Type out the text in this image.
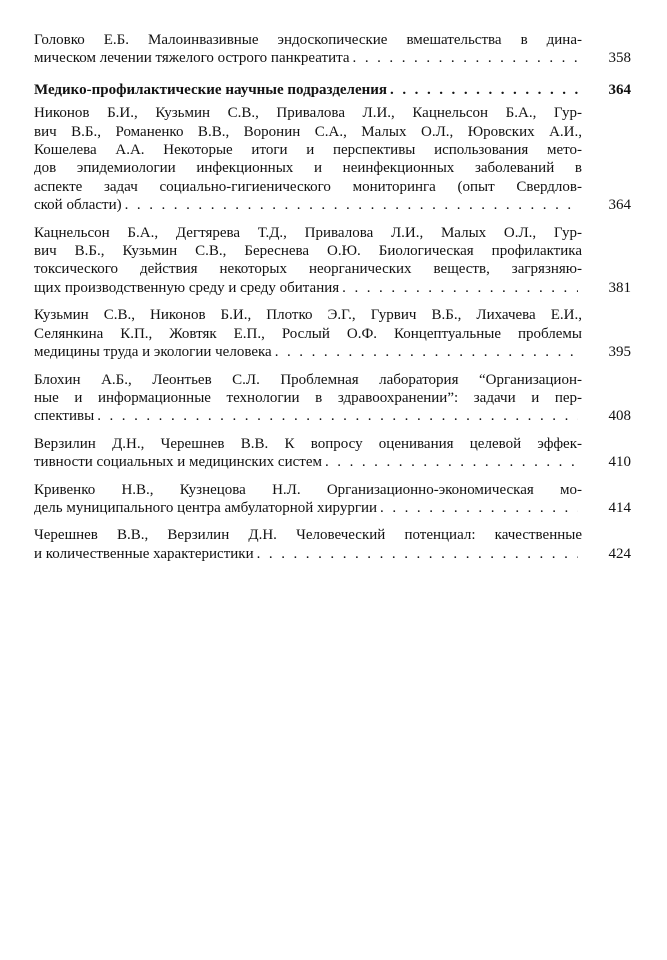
Головко Е.Б. Малоинвазивные эндоскопические вмешательства в дина-
мическом лечении тяжелого острого панкреатита . . .	358
Медико-профилактические научные подразделения . . .	364
Никонов Б.И., Кузьмин С.В., Привалова Л.И., Кацнельсон Б.А., Гур-
вич В.Б., Романенко В.В., Воронин С.А., Малых О.Л., Юровских А.И.,
Кошелева А.А. Некоторые итоги и перспективы использования мето-
дов эпидемиологии инфекционных и неинфекционных заболеваний в
аспекте задач социально-гигиенического мониторинга (опыт Свердлов-
ской области) . . .	364
Кацнельсон Б.А., Дегтярева Т.Д., Привалова Л.И., Малых О.Л., Гур-
вич В.Б., Кузьмин С.В., Береснева О.Ю. Биологическая профилактика
токсического действия некоторых неорганических веществ, загрязняю-
щих производственную среду и среду обитания . . .	381
Кузьмин С.В., Никонов Б.И., Плотко Э.Г., Гурвич В.Б., Лихачева Е.И.,
Селянкина К.П., Жовтяк Е.П., Рослый О.Ф. Концептуальные проблемы
медицины труда и экологии человека . . .	395
Блохин А.Б., Леонтьев С.Л. Проблемная лаборатория “Организацион-
ные и информационные технологии в здравоохранении”: задачи и пер-
спективы . . .	408
Верзилин Д.Н., Черешнев В.В. К вопросу оценивания целевой эффек-
тивности социальных и медицинских систем . . .	410
Кривенко Н.В., Кузнецова Н.Л. Организационно-экономическая мо-
дель муниципального центра амбулаторной хирургии . . .	414
Черешнев В.В., Верзилин Д.Н. Человеческий потенциал: качественные
и количественные характеристики . . .	424
